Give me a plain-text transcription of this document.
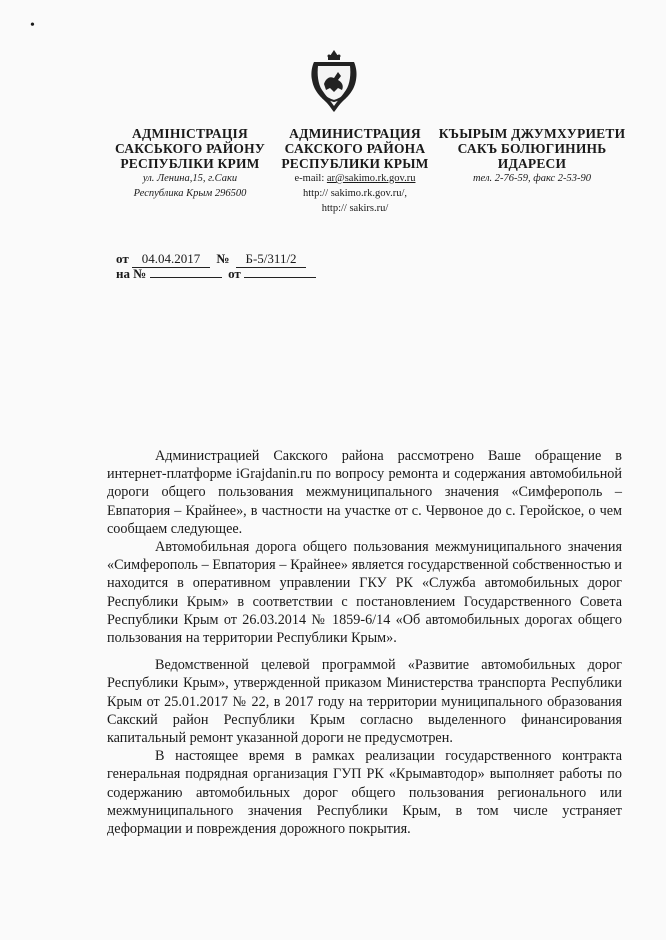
•
АДМІНІСТРАЦІЯ
САКСЬКОГО РАЙОНУ
РЕСПУБЛІКИ КРИМ
ул. Ленина,15, г.Саки
Республика Крым 296500
АДМИНИСТРАЦИЯ
САКСКОГО РАЙОНА
РЕСПУБЛИКИ КРЫМ
e-mail: ar@sakimo.rk.gov.ru
http:// sakimo.rk.gov.ru/,
http:// sakirs.ru/
КЪЫРЫМ ДЖУМХУРИЕТИ
САКЪ БОЛЮГИНИНЬ
ИДАРЕСИ
тел. 2-76-59, факс 2-53-90
от 04.04.2017 № Б-5/311/2
на №	от

Администрацией Сакского района рассмотрено Ваше обращение в интернет-платформе iGrajdanin.ru по вопросу ремонта и содержания автомобильной дороги общего пользования межмуниципального значения «Симферополь – Евпатория – Крайнее», в частности на участке от с. Червоное до с. Геройское, о чем сообщаем следующее.

Автомобильная дорога общего пользования межмуниципального значения «Симферополь – Евпатория – Крайнее» является государственной собственностью и находится в оперативном управлении ГКУ РК «Служба автомобильных дорог Республики Крым» в соответствии с постановлением Государственного Совета Республики Крым от 26.03.2014 № 1859-6/14 «Об автомобильных дорогах общего пользования на территории Республики Крым».

Ведомственной целевой программой «Развитие автомобильных дорог Республики Крым», утвержденной приказом Министерства транспорта Республики Крым от 25.01.2017 № 22, в 2017 году на территории муниципального образования Сакский район Республики Крым согласно выделенного финансирования капитальный ремонт указанной дороги не предусмотрен.

В настоящее время в рамках реализации государственного контракта генеральная подрядная организация ГУП РК «Крымавтодор» выполняет работы по содержанию автомобильных дорог общего пользования регионального или межмуниципального значения Республики Крым, в том числе устраняет деформации и повреждения дорожного покрытия.
